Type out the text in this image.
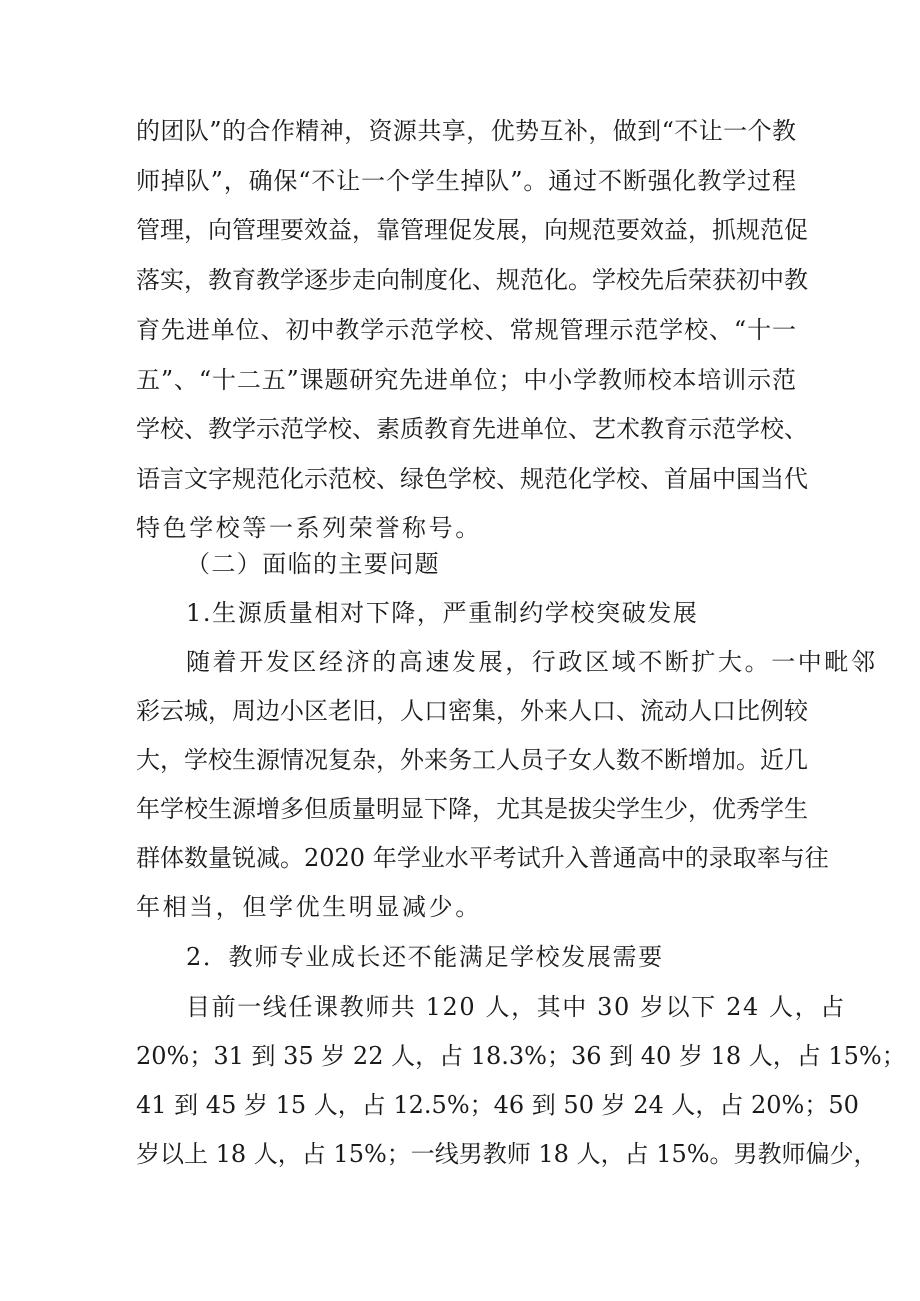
的团队”的合作精神，资源共享，优势互补，做到“不让一个教
师掉队”，确保“不让一个学生掉队”。通过不断强化教学过程
管理，向管理要效益，靠管理促发展，向规范要效益，抓规范促
落实，教育教学逐步走向制度化、规范化。学校先后荣获初中教
育先进单位、初中教学示范学校、常规管理示范学校、“十一
五”、“十二五”课题研究先进单位；中小学教师校本培训示范
学校、教学示范学校、素质教育先进单位、艺术教育示范学校、
语言文字规范化示范校、绿色学校、规范化学校、首届中国当代
特色学校等一系列荣誉称号。
（二）面临的主要问题
1.生源质量相对下降，严重制约学校突破发展
随着开发区经济的高速发展，行政区域不断扩大。一中毗邻
彩云城，周边小区老旧，人口密集，外来人口、流动人口比例较
大，学校生源情况复杂，外来务工人员子女人数不断增加。近几
年学校生源增多但质量明显下降，尤其是拔尖学生少，优秀学生
群体数量锐减。2020 年学业水平考试升入普通高中的录取率与往
年相当，但学优生明显减少。
2．教师专业成长还不能满足学校发展需要
目前一线任课教师共 120 人，其中 30 岁以下 24 人，占
20%；31 到 35 岁 22 人，占 18.3%；36 到 40 岁 18 人，占 15%；
41 到 45 岁 15 人，占 12.5%；46 到 50 岁 24 人，占 20%；50
岁以上 18 人，占 15%；一线男教师 18 人，占 15%。男教师偏少，
